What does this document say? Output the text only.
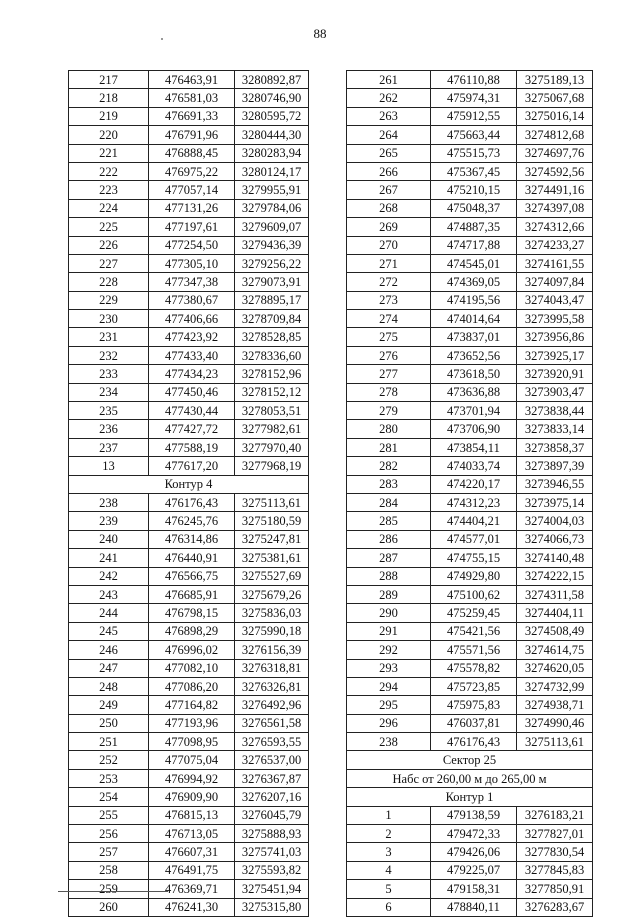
88
217	476463,91	3280892,87
218	476581,03	3280746,90
219	476691,33	3280595,72
220	476791,96	3280444,30
221	476888,45	3280283,94
222	476975,22	3280124,17
223	477057,14	3279955,91
224	477131,26	3279784,06
225	477197,61	3279609,07
226	477254,50	3279436,39
227	477305,10	3279256,22
228	477347,38	3279073,91
229	477380,67	3278895,17
230	477406,66	3278709,84
231	477423,92	3278528,85
232	477433,40	3278336,60
233	477434,23	3278152,96
234	477450,46	3278152,12
235	477430,44	3278053,51
236	477427,72	3277982,61
237	477588,19	3277970,40
13	477617,20	3277968,19
Контур 4		
238	476176,43	3275113,61
239	476245,76	3275180,59
240	476314,86	3275247,81
241	476440,91	3275381,61
242	476566,75	3275527,69
243	476685,91	3275679,26
244	476798,15	3275836,03
245	476898,29	3275990,18
246	476996,02	3276156,39
247	477082,10	3276318,81
248	477086,20	3276326,81
249	477164,82	3276492,96
250	477193,96	3276561,58
251	477098,95	3276593,55
252	477075,04	3276537,00
253	476994,92	3276367,87
254	476909,90	3276207,16
255	476815,13	3276045,79
256	476713,05	3275888,93
257	476607,31	3275741,03
258	476491,75	3275593,82
259	476369,71	3275451,94
260	476241,30	3275315,80
261	476110,88	3275189,13
262	475974,31	3275067,68
263	475912,55	3275016,14
264	475663,44	3274812,68
265	475515,73	3274697,76
266	475367,45	3274592,56
267	475210,15	3274491,16
268	475048,37	3274397,08
269	474887,35	3274312,66
270	474717,88	3274233,27
271	474545,01	3274161,55
272	474369,05	3274097,84
273	474195,56	3274043,47
274	474014,64	3273995,58
275	473837,01	3273956,86
276	473652,56	3273925,17
277	473618,50	3273920,91
278	473636,88	3273903,47
279	473701,94	3273838,44
280	473706,90	3273833,14
281	473854,11	3273858,37
282	474033,74	3273897,39
283	474220,17	3273946,55
284	474312,23	3273975,14
285	474404,21	3274004,03
286	474577,01	3274066,73
287	474755,15	3274140,48
288	474929,80	3274222,15
289	475100,62	3274311,58
290	475259,45	3274404,11
291	475421,56	3274508,49
292	475571,56	3274614,75
293	475578,82	3274620,05
294	475723,85	3274732,99
295	475975,83	3274938,71
296	476037,81	3274990,46
238	476176,43	3275113,61
Сектор 25		
Набс от 260,00 м до 265,00 м		
Контур 1		
1	479138,59	3276183,21
2	479472,33	3277827,01
3	479426,06	3277830,54
4	479225,07	3277845,83
5	479158,31	3277850,91
6	478840,11	3276283,67
